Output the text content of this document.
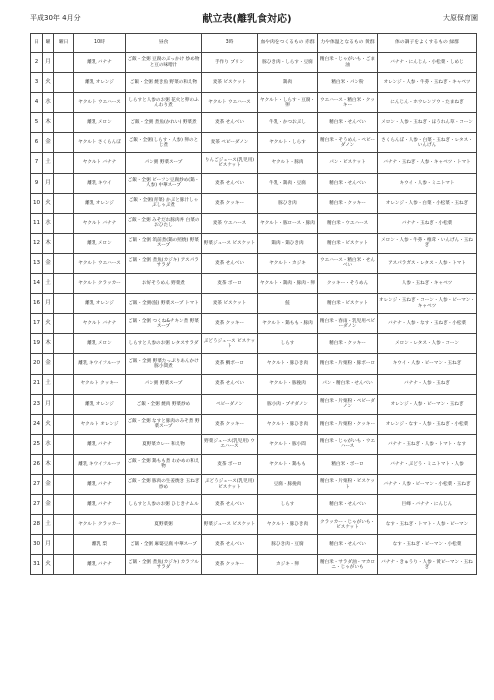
平成30年 4月分	献立表(離乳食対応)	大原保育園
日	曜	曜日	10時	昼食	3時	血や肉をつくるもの 赤群	力や体温となるもの 黄群	体の調子をよくするもの 緑群
2	月		離乳 バナナ	ご飯・全粥 豆腐のぶっかけ 炒め物と豆の味噌汁	手作り プリン	豚ひき肉・しらす・豆腐	精白米・じゃがいも・ごま油	バナナ・にんじん・小松菜・しめじ
3	火		離乳 オレンジ	ご飯・全粥 焼き魚 野菜の和え物	麦茶 ビスケット	鶏肉	精白米・パン粉	オレンジ・人参・牛蒡・玉ねぎ・キャベツ
4	水		ヤクルト ウエハース	しらすと人参のお粥 花火と卵のふんわり煮	ヤクルト ウエハース	ヤクルト・しらす・豆腐・卵	ウエハース・精白米・クッキー	にんじん・ホウレンソウ・たまねぎ
5	木		離乳 メロン	ご飯・全粥 煮魚(かれい) 野菜煮	麦茶 せんべい	牛乳・かつおぶし	精白米・せんべい	メロン・人参・玉ねぎ・ほうれん草・コーン
6	金		ヤクルト さくらんぼ	ご飯・全粥(しらす・人参) 卵のとじ煮	麦茶 ペピーダノン	ヤクルト・しらす	精白米・そうめん・ペビーダノン	さくらんぼ・人参・白菜・玉ねぎ・レタス・いんげん
7	土		ヤクルト バナナ	パン粥 野菜スープ	りんごジュース(乳児用) ビスケット	ヤクルト・豚肉	パン・ビスケット	バナナ・玉ねぎ・人参・キャベツ・トマト
9	月		離乳 キウイ	ご飯・全粥 ビーフン豆腐炒め(鶏・人参) 中華スープ	麦茶 せんべい	牛乳・鶏肉・豆腐	精白米・せんべい	キウイ・人参・ミニトマト
10	火		離乳 オレンジ	ご飯・全粥(青菜) かぶと豚汁しゃぶしゃぶ煮	麦茶 クッキー	豚ひき肉	精白米・クッキー	オレンジ・人参・白菜・小松菜・玉ねぎ
11	水		ヤクルト バナナ	ご飯・全粥 みそだれ豚肉丼 白菜のおひたし	麦茶 ウエハース	ヤクルト・豚ロース・豚肉	精白米・ウエハース	バナナ・玉ねぎ・小松菜
12	木		離乳 メロン	ご飯・全粥 筑前煮(鶏の照焼) 野菜スープ	野菜ジュース ビスケット	鶏肉・鶏ひき肉	精白米・ビスケット	メロン・人参・牛蒡・椎茸・いんげん・玉ねぎ
13	金		ヤクルト ウエハース	ご飯・全粥 煮魚(カジキ) アスパラサラダ	麦茶 せんべい	ヤクルト・カジキ	ウエハース・精白米・せんべい	アスパラガス・レタス・人参・トマト
14	土		ヤクルト クラッカー	お好そうめん 野菜煮	麦茶 ボーロ	ヤクルト・鶏肉・豚肉・卵	クッキー・そうめん	人参・玉ねぎ・キャベツ
16	月		離乳 オレンジ	ご飯・全粥(鮭) 野菜スープ トマト	麦茶 ビスケット	鮭	精白米・ビスケット	オレンジ・玉ねぎ・コーン・人参・ピーマン・キャベツ
17	火		ヤクルト バナナ	ご飯・全粥 つくね&チキン煮 野菜スープ	麦茶 クッキー	ヤクルト・鶏もも・豚肉	精白米・春雨・乳児用ペビーダノン	バナナ・人参・なす・玉ねぎ・小松菜
19	木		離乳 メロン	しらすと人参のお粥 レタスサラダ	ぶどうジュース ビスケット	しらす	精白米・クッキー	メロン・レタス・人参・コーン
20	金		離乳 キウイフルーツ	ご飯・全粥 野菜たっぷりあんかけ 豚小間煮	麦茶 鯛ボーロ	ヤクルト・豚ひき肉	精白米・片栗粉・豚ボーロ	キウイ・人参・ピーマン・玉ねぎ
21	土		ヤクルト クッキー	パン粥 野菜スープ	麦茶 せんべい	ヤクルト・豚挽肉	パン・精白米・せんべい	バナナ・人参・玉ねぎ
23	月		離乳 オレンジ	ご飯・全粥 焼肉 野菜炒め	ペピーダノン	豚小肉・プチダノン	精白米・片栗粉・ペビーダノン	オレンジ・人参・ピーマン・玉ねぎ
24	火		ヤクルト オレンジ	ご飯・全粥 なすと豚肉のみそ煮 野菜スープ	麦茶 クッキー	ヤクルト・豚ひき肉	精白米・片栗粉・クッキー	オレンジ・なす・人参・玉ねぎ・小松菜
25	水		離乳 バナナ	夏野菜カレー 和え物	野菜ジュース(乳児用) ウエハース	ヤクルト・豚小間	精白米・じゃがいも・ウエハース	バナナ・玉ねぎ・人参・トマト・なす
26	木		離乳 キウイフルーツ	ご飯・全粥 鶏もも煮 わかめの和え物	麦茶 ボーロ	ヤクルト・鶏もも	精白米・ボーロ	バナナ・ぶどう・ミニトマト・人参
27	金		離乳 バナナ	ご飯・全粥 豚肉の生姜焼き 玉ねぎ炒め	ぶどうジュース(乳児用) ビスケット	豆腐・豚挽肉	精白米・片栗粉・ビスケット	バナナ・人参・ピーマン・小松菜・玉ねぎ
27	金		離乳 バナナ	しらすと人参のお粥 ひじきナムル	麦茶 せんべい	しらす	精白米・せんべい	巨峰・バナナ・にんじん
28	土		ヤクルト クラッカー	夏野菜粥	野菜ジュース ビスケット	ヤクルト・豚ひき肉	クラッカー・じゃがいも・ビスケット	なす・玉ねぎ・トマト・人参・ピーマン
30	月		離乳 梨	ご飯・全粥 麻婆豆腐 中華スープ	麦茶 せんべい	豚ひき肉・豆腐	精白米・せんべい	なす・玉ねぎ・ピーマン・小松菜
31	火		離乳 バナナ	ご飯・全粥 煮魚(カジキ) カラフルサラダ	麦茶 クッキー	カジキ・卵	精白米・サラダ油・マカロニ・じゃがいも	バナナ・きゅうり・人参・黄ピーマン・玉ねぎ
